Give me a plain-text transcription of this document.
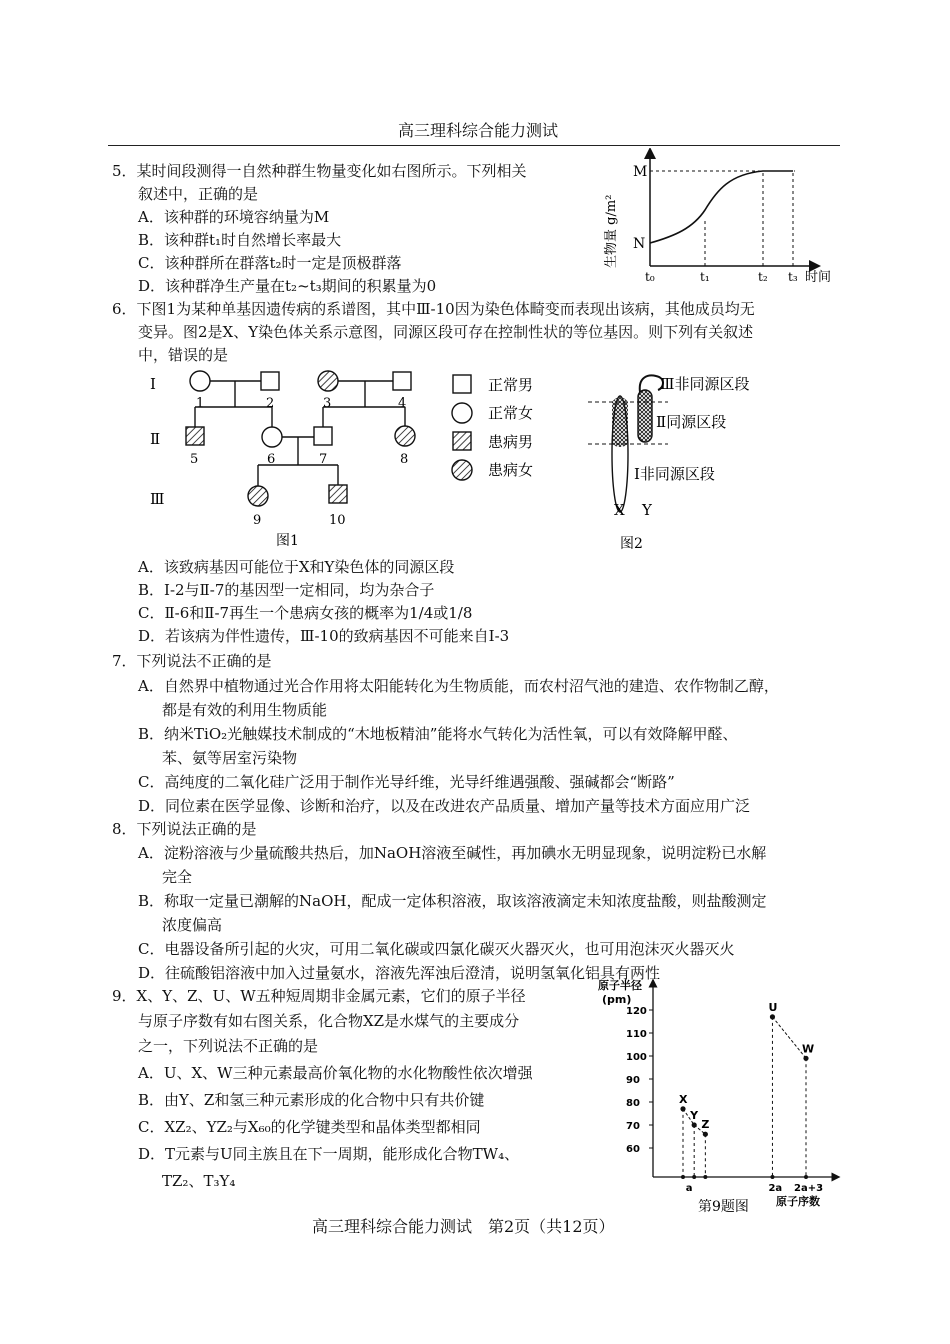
高三理科综合能力测试
5．某时间段测得一自然种群生物量变化如右图所示。下列相关
叙述中，正确的是
A．该种群的环境容纳量为M
B．该种群t₁时自然增长率最大
C．该种群所在群落t₂时一定是顶极群落
D．该种群净生产量在t₂~t₃期间的积累量为0
M
N
t₀	t₁	t₂ t₃ 时间
生物量 g/m²
6．下图1为某种单基因遗传病的系谱图，其中Ⅲ-10因为染色体畸变而表现出该病，其他成员均无
变异。图2是X、Y染色体关系示意图，同源区段可存在控制性状的等位基因。则下列有关叙述
中，错误的是
Ⅰ
Ⅱ
Ⅲ
1	2	3	4
5	6	7	8
9	10
图1
正常男
正常女
患病男
患病女
Ⅲ非同源区段
Ⅱ同源区段
Ⅰ非同源区段
X Y
图2
A．该致病基因可能位于X和Y染色体的同源区段
B．Ⅰ-2与Ⅱ-7的基因型一定相同，均为杂合子
C．Ⅱ-6和Ⅱ-7再生一个患病女孩的概率为1/4或1/8
D．若该病为伴性遗传，Ⅲ-10的致病基因不可能来自Ⅰ-3
7．下列说法不正确的是
A．自然界中植物通过光合作用将太阳能转化为生物质能，而农村沼气池的建造、农作物制乙醇，
都是有效的利用生物质能
B．纳米TiO₂光触媒技术制成的“木地板精油”能将水气转化为活性氧，可以有效降解甲醛、
苯、氨等居室污染物
C．高纯度的二氧化硅广泛用于制作光导纤维，光导纤维遇强酸、强碱都会“断路”
D．同位素在医学显像、诊断和治疗，以及在改进农产品质量、增加产量等技术方面应用广泛
8．下列说法正确的是
A．淀粉溶液与少量硫酸共热后，加NaOH溶液至碱性，再加碘水无明显现象，说明淀粉已水解
完全
B．称取一定量已潮解的NaOH，配成一定体积溶液，取该溶液滴定未知浓度盐酸，则盐酸测定
浓度偏高
C．电器设备所引起的火灾，可用二氧化碳或四氯化碳灭火器灭火，也可用泡沫灭火器灭火
D．往硫酸铝溶液中加入过量氨水，溶液先浑浊后澄清，说明氢氧化铝具有两性
9．X、Y、Z、U、W五种短周期非金属元素，它们的原子半径
与原子序数有如右图关系，化合物XZ是水煤气的主要成分
之一，下列说法不正确的是
A．U、X、W三种元素最高价氧化物的水化物酸性依次增强
B．由Y、Z和氢三种元素形成的化合物中只有共价键
C．XZ₂、YZ₂与X₆₀的化学键类型和晶体类型都相同
D．T元素与U同主族且在下一周期，能形成化合物TW₄、
TZ₂、T₃Y₄
原子半径
(pm)
60
70
80
90
100
110
120
a	2a 2a+3
X
Y
Z
U
W
原子序数
第9题图
高三理科综合能力测试　第2页（共12页）
